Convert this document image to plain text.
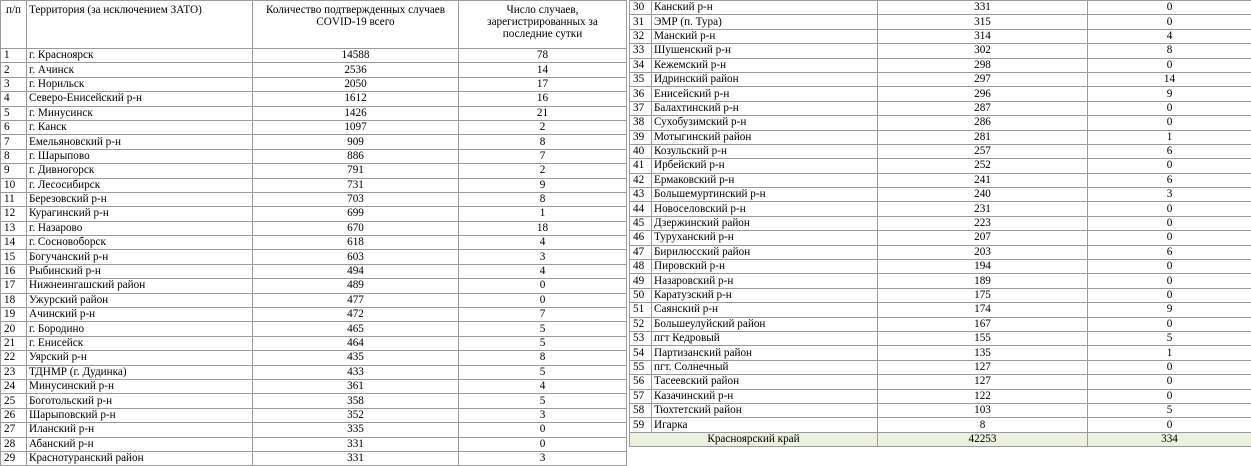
п/п	Территория (за исключением ЗАТО)	Количество подтвержденных случаев COVID-19 всего	Число случаев, зарегистрированных за последние сутки
1	г. Красноярск	14588	78
2	г. Ачинск	2536	14
3	г. Норильск	2050	17
4	Северо-Енисейский р-н	1612	16
5	г. Минусинск	1426	21
6	г. Канск	1097	2
7	Емельяновский р-н	909	8
8	г. Шарыпово	886	7
9	г. Дивногорск	791	2
10	г. Лесосибирск	731	9
11	Березовский р-н	703	8
12	Курагинский р-н	699	1
13	г. Назарово	670	18
14	г. Сосновоборск	618	4
15	Богучанский р-н	603	3
16	Рыбинский р-н	494	4
17	Нижнеингашский район	489	0
18	Ужурский район	477	0
19	Ачинский р-н	472	7
20	г. Бородино	465	5
21	г. Енисейск	464	5
22	Уярский р-н	435	8
23	ТДНМР (г. Дудинка)	433	5
24	Минусинский р-н	361	4
25	Боготольский р-н	358	5
26	Шарыповский р-н	352	3
27	Иланский р-н	335	0
28	Абанский р-н	331	0
29	Краснотуранский район	331	3
30	Канский р-н	331	0
31	ЭМР (п. Тура)	315	0
32	Манский р-н	314	4
33	Шушенский р-н	302	8
34	Кежемский р-н	298	0
35	Идринский район	297	14
36	Енисейский р-н	296	9
37	Балахтинский р-н	287	0
38	Сухобузимский р-н	286	0
39	Мотыгинский район	281	1
40	Козульский р-н	257	6
41	Ирбейский р-н	252	0
42	Ермаковский р-н	241	6
43	Большемуртинский р-н	240	3
44	Новоселовский р-н	231	0
45	Дзержинский район	223	0
46	Туруханский р-н	207	0
47	Бирилюсский район	203	6
48	Пировский р-н	194	0
49	Назаровский р-н	189	0
50	Каратузский р-н	175	0
51	Саянский р-н	174	9
52	Большеулуйский район	167	0
53	пгт Кедровый	155	5
54	Партизанский район	135	1
55	пгт. Солнечный	127	0
56	Тасеевский район	127	0
57	Казачинский р-н	122	0
58	Тюхтетский район	103	5
59	Игарка	8	0
Красноярский край		42253	334
